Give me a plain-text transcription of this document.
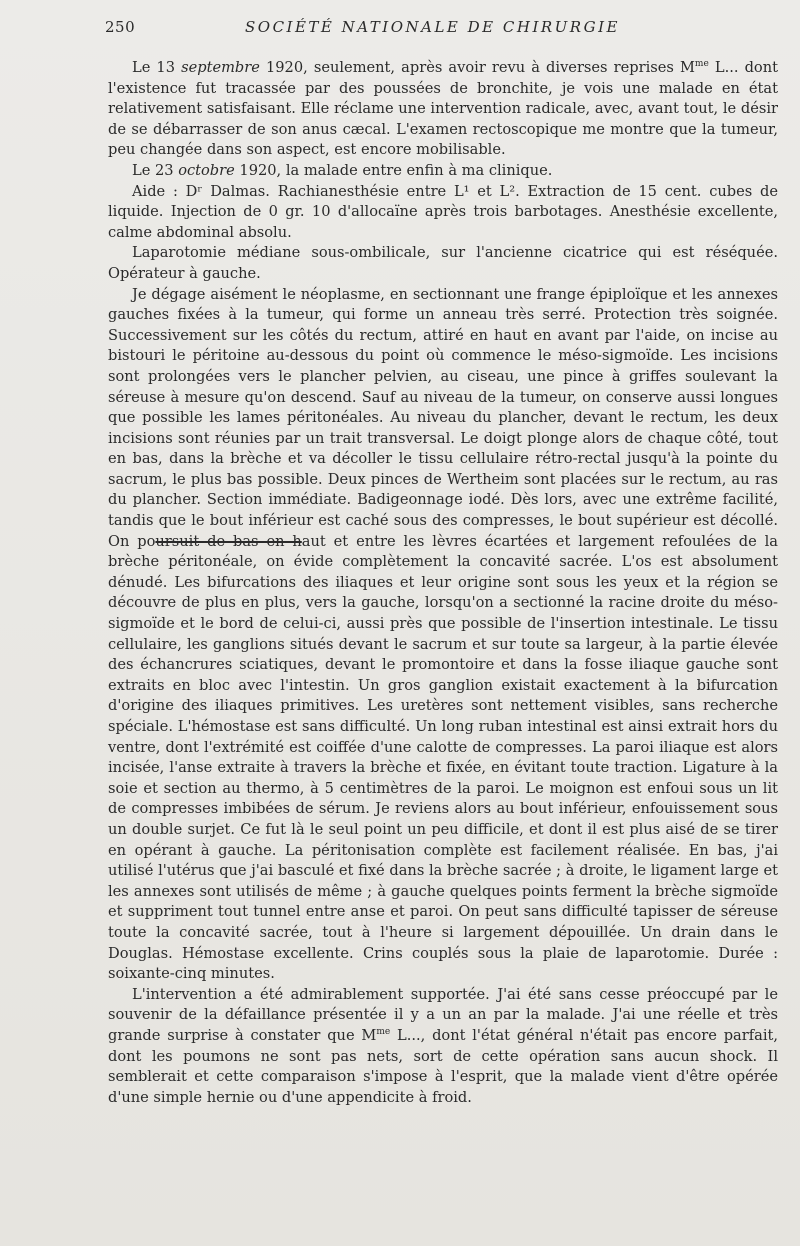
250	SOCIÉTÉ NATIONALE DE CHIRURGIE

Le 13 septembre 1920, seulement, après avoir revu à diverses reprises $M^{me}$ L... dont l'existence fut tracassée par des poussées de bronchite, je vois une malade en état relativement satisfaisant. Elle réclame une intervention radicale, avec, avant tout, le désir de se débarrasser de son anus cæcal. L'examen rectoscopique me montre que la tumeur, peu changée dans son aspect, est encore mobilisable.

Le 23 octobre 1920, la malade entre enfin à ma clinique.

Aide : Dʳ Dalmas. Rachianesthésie entre L¹ et L². Extraction de 15 cent. cubes de liquide. Injection de 0 gr. 10 d'allocaïne après trois barbotages. Anesthésie excellente, calme abdominal absolu.

Laparotomie médiane sous-ombilicale, sur l'ancienne cicatrice qui est réséquée. Opérateur à gauche.

Je dégage aisément le néoplasme, en sectionnant une frange épiploïque et les annexes gauches fixées à la tumeur, qui forme un anneau très serré. Protection très soignée. Successivement sur les côtés du rectum, attiré en haut en avant par l'aide, on incise au bistouri le péritoine au-dessous du point où commence le méso-sigmoïde. Les incisions sont prolongées vers le plancher pelvien, au ciseau, une pince à griffes soulevant la séreuse à mesure qu'on descend. Sauf au niveau de la tumeur, on conserve aussi longues que possible les lames péritonéales. Au niveau du plancher, devant le rectum, les deux incisions sont réunies par un trait transversal. Le doigt plonge alors de chaque côté, tout en bas, dans la brèche et va décoller le tissu cellulaire rétro-rectal jusqu'à la pointe du sacrum, le plus bas possible. Deux pinces de Wertheim sont placées sur le rectum, au ras du plancher. Section immédiate. Badigeonnage iodé. Dès lors, avec une extrême facilité, tandis que le bout inférieur est caché sous des compresses, le bout supérieur est décollé. On poursuit de bas en haut et entre les lèvres écartées et largement refoulées de la brèche péritonéale, on évide complètement la concavité sacrée. L'os est absolument dénudé. Les bifurcations des iliaques et leur origine sont sous les yeux et la région se découvre de plus en plus, vers la gauche, lorsqu'on a sectionné la racine droite du méso-sigmoïde et le bord de celui-ci, aussi près que possible de l'insertion intestinale. Le tissu cellulaire, les ganglions situés devant le sacrum et sur toute sa largeur, à la partie élevée des échancrures sciatiques, devant le promontoire et dans la fosse iliaque gauche sont extraits en bloc avec l'intestin. Un gros ganglion existait exactement à la bifurcation d'origine des iliaques primitives. Les uretères sont nettement visibles, sans recherche spéciale. L'hémostase est sans difficulté. Un long ruban intestinal est ainsi extrait hors du ventre, dont l'extrémité est coiffée d'une calotte de compresses. La paroi iliaque est alors incisée, l'anse extraite à travers la brèche et fixée, en évitant toute traction. Ligature à la soie et section au thermo, à 5 centimètres de la paroi. Le moignon est enfoui sous un lit de compresses imbibées de sérum. Je reviens alors au bout inférieur, enfouissement sous un double surjet. Ce fut là le seul point un peu difficile, et dont il est plus aisé de se tirer en opérant à gauche. La péritonisation complète est facilement réalisée. En bas, j'ai utilisé l'utérus que j'ai basculé et fixé dans la brèche sacrée ; à droite, le ligament large et les annexes sont utilisés de même ; à gauche quelques points ferment la brèche sigmoïde et suppriment tout tunnel entre anse et paroi. On peut sans difficulté tapisser de séreuse toute la concavité sacrée, tout à l'heure si largement dépouillée. Un drain dans le Douglas. Hémostase excellente. Crins couplés sous la plaie de laparotomie. Durée : soixante-cinq minutes.

L'intervention a été admirablement supportée. J'ai été sans cesse préoccupé par le souvenir de la défaillance présentée il y a un an par la malade. J'ai une réelle et très grande surprise à constater que $M^{me}$ L..., dont l'état général n'était pas encore parfait, dont les poumons ne sont pas nets, sort de cette opération sans aucun shock. Il semblerait et cette comparaison s'impose à l'esprit, que la malade vient d'être opérée d'une simple hernie ou d'une appendicite à froid.
